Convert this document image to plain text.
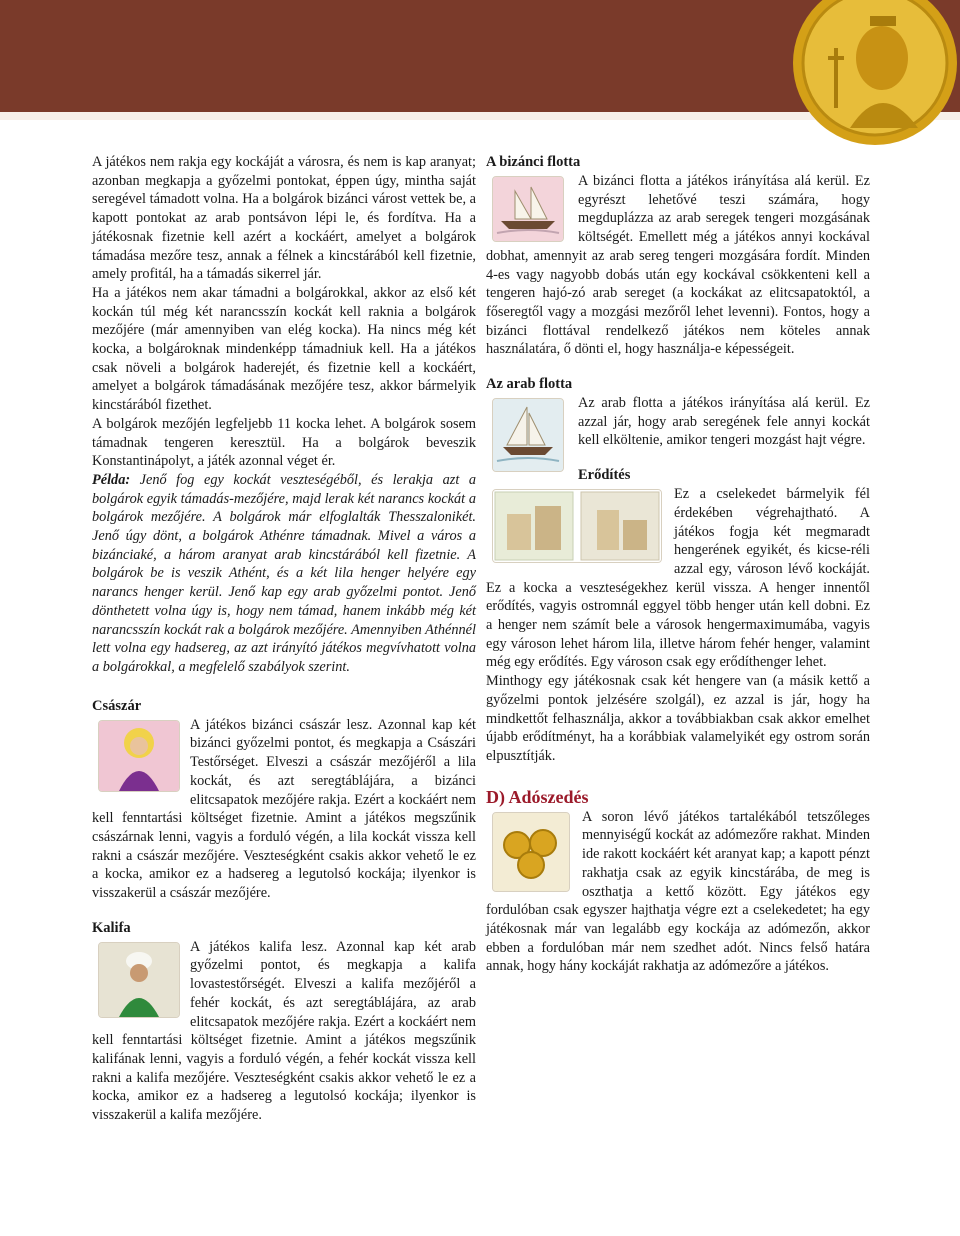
A játékos nem rakja egy kockáját a városra, és nem is kap aranyat; azonban megkapja a győzelmi pontokat, éppen úgy, mintha saját seregével támadott volna. Ha a bolgárok bizánci várost vettek be, a kapott pontokat az arab pontsávon lépi le, és fordítva. Ha a játékosnak fizetnie kell azért a kockáért, amelyet a bolgárok támadása mezőre tesz, annak a félnek a kincstárából kell fizetnie, amely profitál, ha a támadás sikerrel jár.

Ha a játékos nem akar támadni a bolgárokkal, akkor az első két kockán túl még két narancsszín kockát kell raknia a bolgárok mezőjére (már amennyiben van elég kocka). Ha nincs még két kocka, a bolgároknak mindenképp támadniuk kell. Ha a játékos csak növeli a bolgárok haderejét, és fizetnie kell a kockáért, amelyet a bolgárok támadásának mezőjére tesz, akkor bármelyik kincstárából fizethet.

A bolgárok mezőjén legfeljebb 11 kocka lehet. A bolgárok sosem támadnak tengeren keresztül. Ha a bolgárok beveszik Konstantinápolyt, a játék azonnal véget ér.

Példa: Jenő fog egy kockát veszteségéből, és lerakja azt a bolgárok egyik támadás-mezőjére, majd lerak két narancs kockát a bolgárok mezőjére. A bolgárok már elfoglalták Thesszalonikét. Jenő úgy dönt, a bolgárok Athénre támadnak. Mivel a város a bizánciaké, a három aranyat arab kincstárából kell fizetnie. A bolgárok be is veszik Athént, és a két lila henger helyére egy narancs henger kerül. Jenő kap egy arab győzelmi pontot. Jenő dönthetett volna úgy is, hogy nem támad, hanem inkább még két narancsszín kockát rak a bolgárok mezőjére. Amennyiben Athénnél lett volna egy hadsereg, az azt irányító játékos megvívhatott volna a bolgárokkal, a megfelelő szabályok szerint.

Császár

A játékos bizánci császár lesz. Azonnal kap két bizánci győzelmi pontot, és megkapja a Császári Testőrséget. Elveszi a császár mezőjéről a lila kockát, és azt seregtáblájára, a bizánci elitcsapatok mezőjére rakja. Ezért a kockáért nem kell fenntartási költséget fizetnie. Amint a játékos megszűnik császárnak lenni, vagyis a forduló végén, a lila kockát vissza kell rakni a császár mezőjére. Veszteségként csakis akkor vehető le ez a kocka, amikor ez a hadsereg a legutolsó kockája; ilyenkor is visszakerül a császár mezőjére.

Kalifa

A játékos kalifa lesz. Azonnal kap két arab győzelmi pontot, és megkapja a kalifa lovastestőrségét. Elveszi a kalifa mezőjéről a fehér kockát, és azt seregtáblájára, az arab elitcsapatok mezőjére rakja. Ezért a kockáért nem kell fenntartási költséget fizetnie. Amint a játékos megszűnik kalifának lenni, vagyis a forduló végén, a fehér kockát vissza kell rakni a kalifa mezőjére. Veszteségként csakis akkor vehető le ez a kocka, amikor ez a hadsereg a legutolsó kockája; ilyenkor is visszakerül a kalifa mezőjére.

A bizánci flotta

A bizánci flotta a játékos irányítása alá kerül. Ez egyrészt lehetővé teszi számára, hogy megduplázza az arab seregek tengeri mozgásának költségét. Emellett még a játékos annyi kockával dobhat, amennyit az arab sereg tengeri mozgására fordít. Minden 4-es vagy nagyobb dobás után egy kockával csökkenteni kell a tengeren hajó-zó arab sereget (a kockákat az elitcsapatoktól, a főseregtől vagy a mozgási mezőről lehet levenni). Fontos, hogy a bizánci flottával rendelkező játékos nem köteles annak használatára, ő dönti el, hogy használja-e képességeit.

Az arab flotta

Az arab flotta a játékos irányítása alá kerül. Ez azzal jár, hogy arab seregének fele annyi kockát kell elköltenie, amikor tengeri mozgást hajt végre.

Erődítés

Ez a cselekedet bármelyik fél érdekében végrehajtható. A játékos fogja két megmaradt hengerének egyikét, és kicse-réli azzal egy, városon lévő kockáját. Ez a kocka a veszteségekhez kerül vissza. A henger innentől erődítés, vagyis ostromnál eggyel több henger után kell dobni. Ez a henger nem számít bele a városok hengermaximumába, vagyis egy városon lehet három lila, illetve három fehér henger, valamint még egy erődítés. Egy városon csak egy erődíthenger lehet.

Minthogy egy játékosnak csak két hengere van (a másik kettő a győzelmi pontok jelzésére szolgál), ez azzal is jár, hogy ha mindkettőt felhasználja, akkor a továbbiakban csak akkor emelhet újabb erődítményt, ha a korábbiak valamelyikét egy ostrom során elpusztítják.

D) Adószedés

A soron lévő játékos tartalékából tetszőleges mennyiségű kockát az adómezőre rakhat. Minden ide rakott kockáért két aranyat kap; a kapott pénzt rakhatja csak az egyik kincstárába, de meg is oszthatja a kettő között. Egy játékos egy fordulóban csak egyszer hajthatja végre ezt a cselekedetet; ha egy játékosnak már van legalább egy kockája az adómezőn, akkor ebben a fordulóban már nem szedhet adót. Nincs felső határa annak, hogy hány kockáját rakhatja az adómezőre a játékos.
